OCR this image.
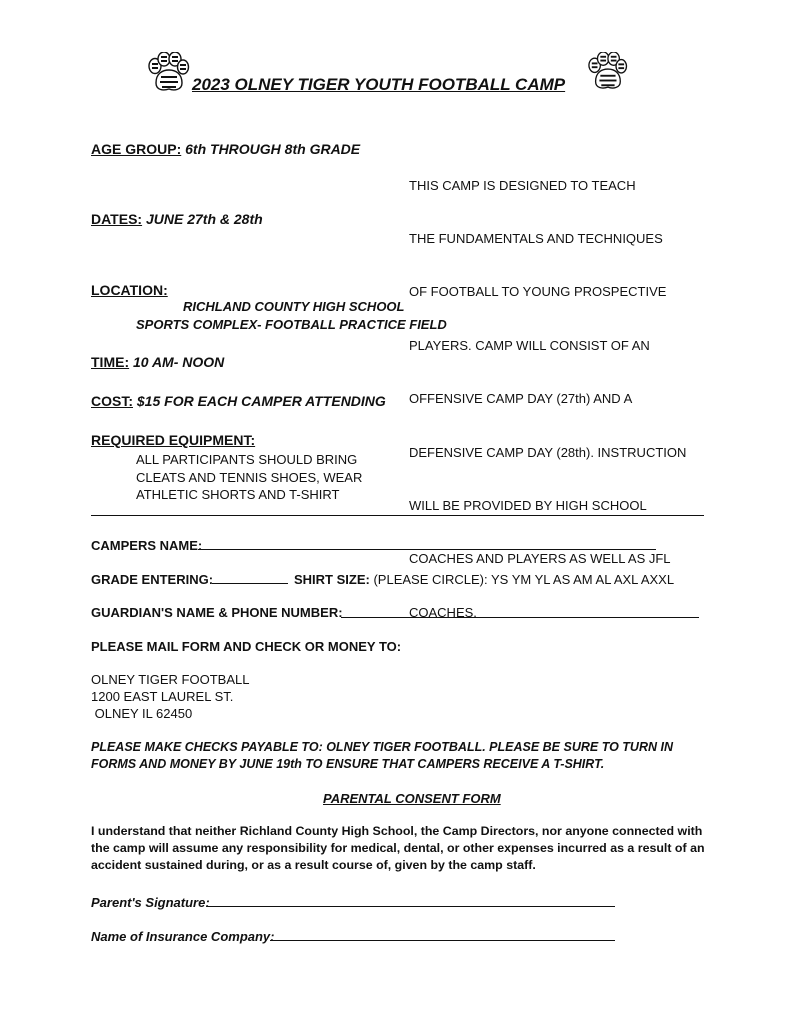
2023 OLNEY TIGER YOUTH FOOTBALL CAMP
AGE GROUP: 6th THROUGH 8th GRADE
DATES: JUNE 27th & 28th

THIS CAMP IS DESIGNED TO TEACH

THE FUNDAMENTALS AND TECHNIQUES

OF FOOTBALL TO YOUNG PROSPECTIVE

PLAYERS. CAMP WILL CONSIST OF AN

OFFENSIVE CAMP DAY (27th) AND A

DEFENSIVE CAMP DAY (28th). INSTRUCTION

WILL BE PROVIDED BY HIGH SCHOOL

COACHES AND PLAYERS AS WELL AS JFL

COACHES.

LOCATION:
RICHLAND COUNTY HIGH SCHOOL
SPORTS COMPLEX- FOOTBALL PRACTICE FIELD
TIME: 10 AM- NOON
COST: $15 FOR EACH CAMPER ATTENDING
REQUIRED EQUIPMENT:
ALL PARTICIPANTS SHOULD BRING
CLEATS AND TENNIS SHOES, WEAR
ATHLETIC SHORTS AND T-SHIRT
CAMPERS NAME:
GRADE ENTERING:	SHIRT SIZE: (PLEASE CIRCLE): YS YM YL AS AM AL AXL AXXL
GUARDIAN'S NAME & PHONE NUMBER:
PLEASE MAIL FORM AND CHECK OR MONEY TO:
OLNEY TIGER FOOTBALL
1200 EAST LAUREL ST.
OLNEY IL 62450
PLEASE MAKE CHECKS PAYABLE TO: OLNEY TIGER FOOTBALL. PLEASE BE SURE TO TURN IN
FORMS AND MONEY BY JUNE 19th TO ENSURE THAT CAMPERS RECEIVE A T-SHIRT.
PARENTAL CONSENT FORM
I understand that neither Richland County High School, the Camp Directors, nor anyone connected with
the camp will assume any responsibility for medical, dental, or other expenses incurred as a result of an
accident sustained during, or as a result course of, given by the camp staff.
Parent's Signature:
Name of Insurance Company:
